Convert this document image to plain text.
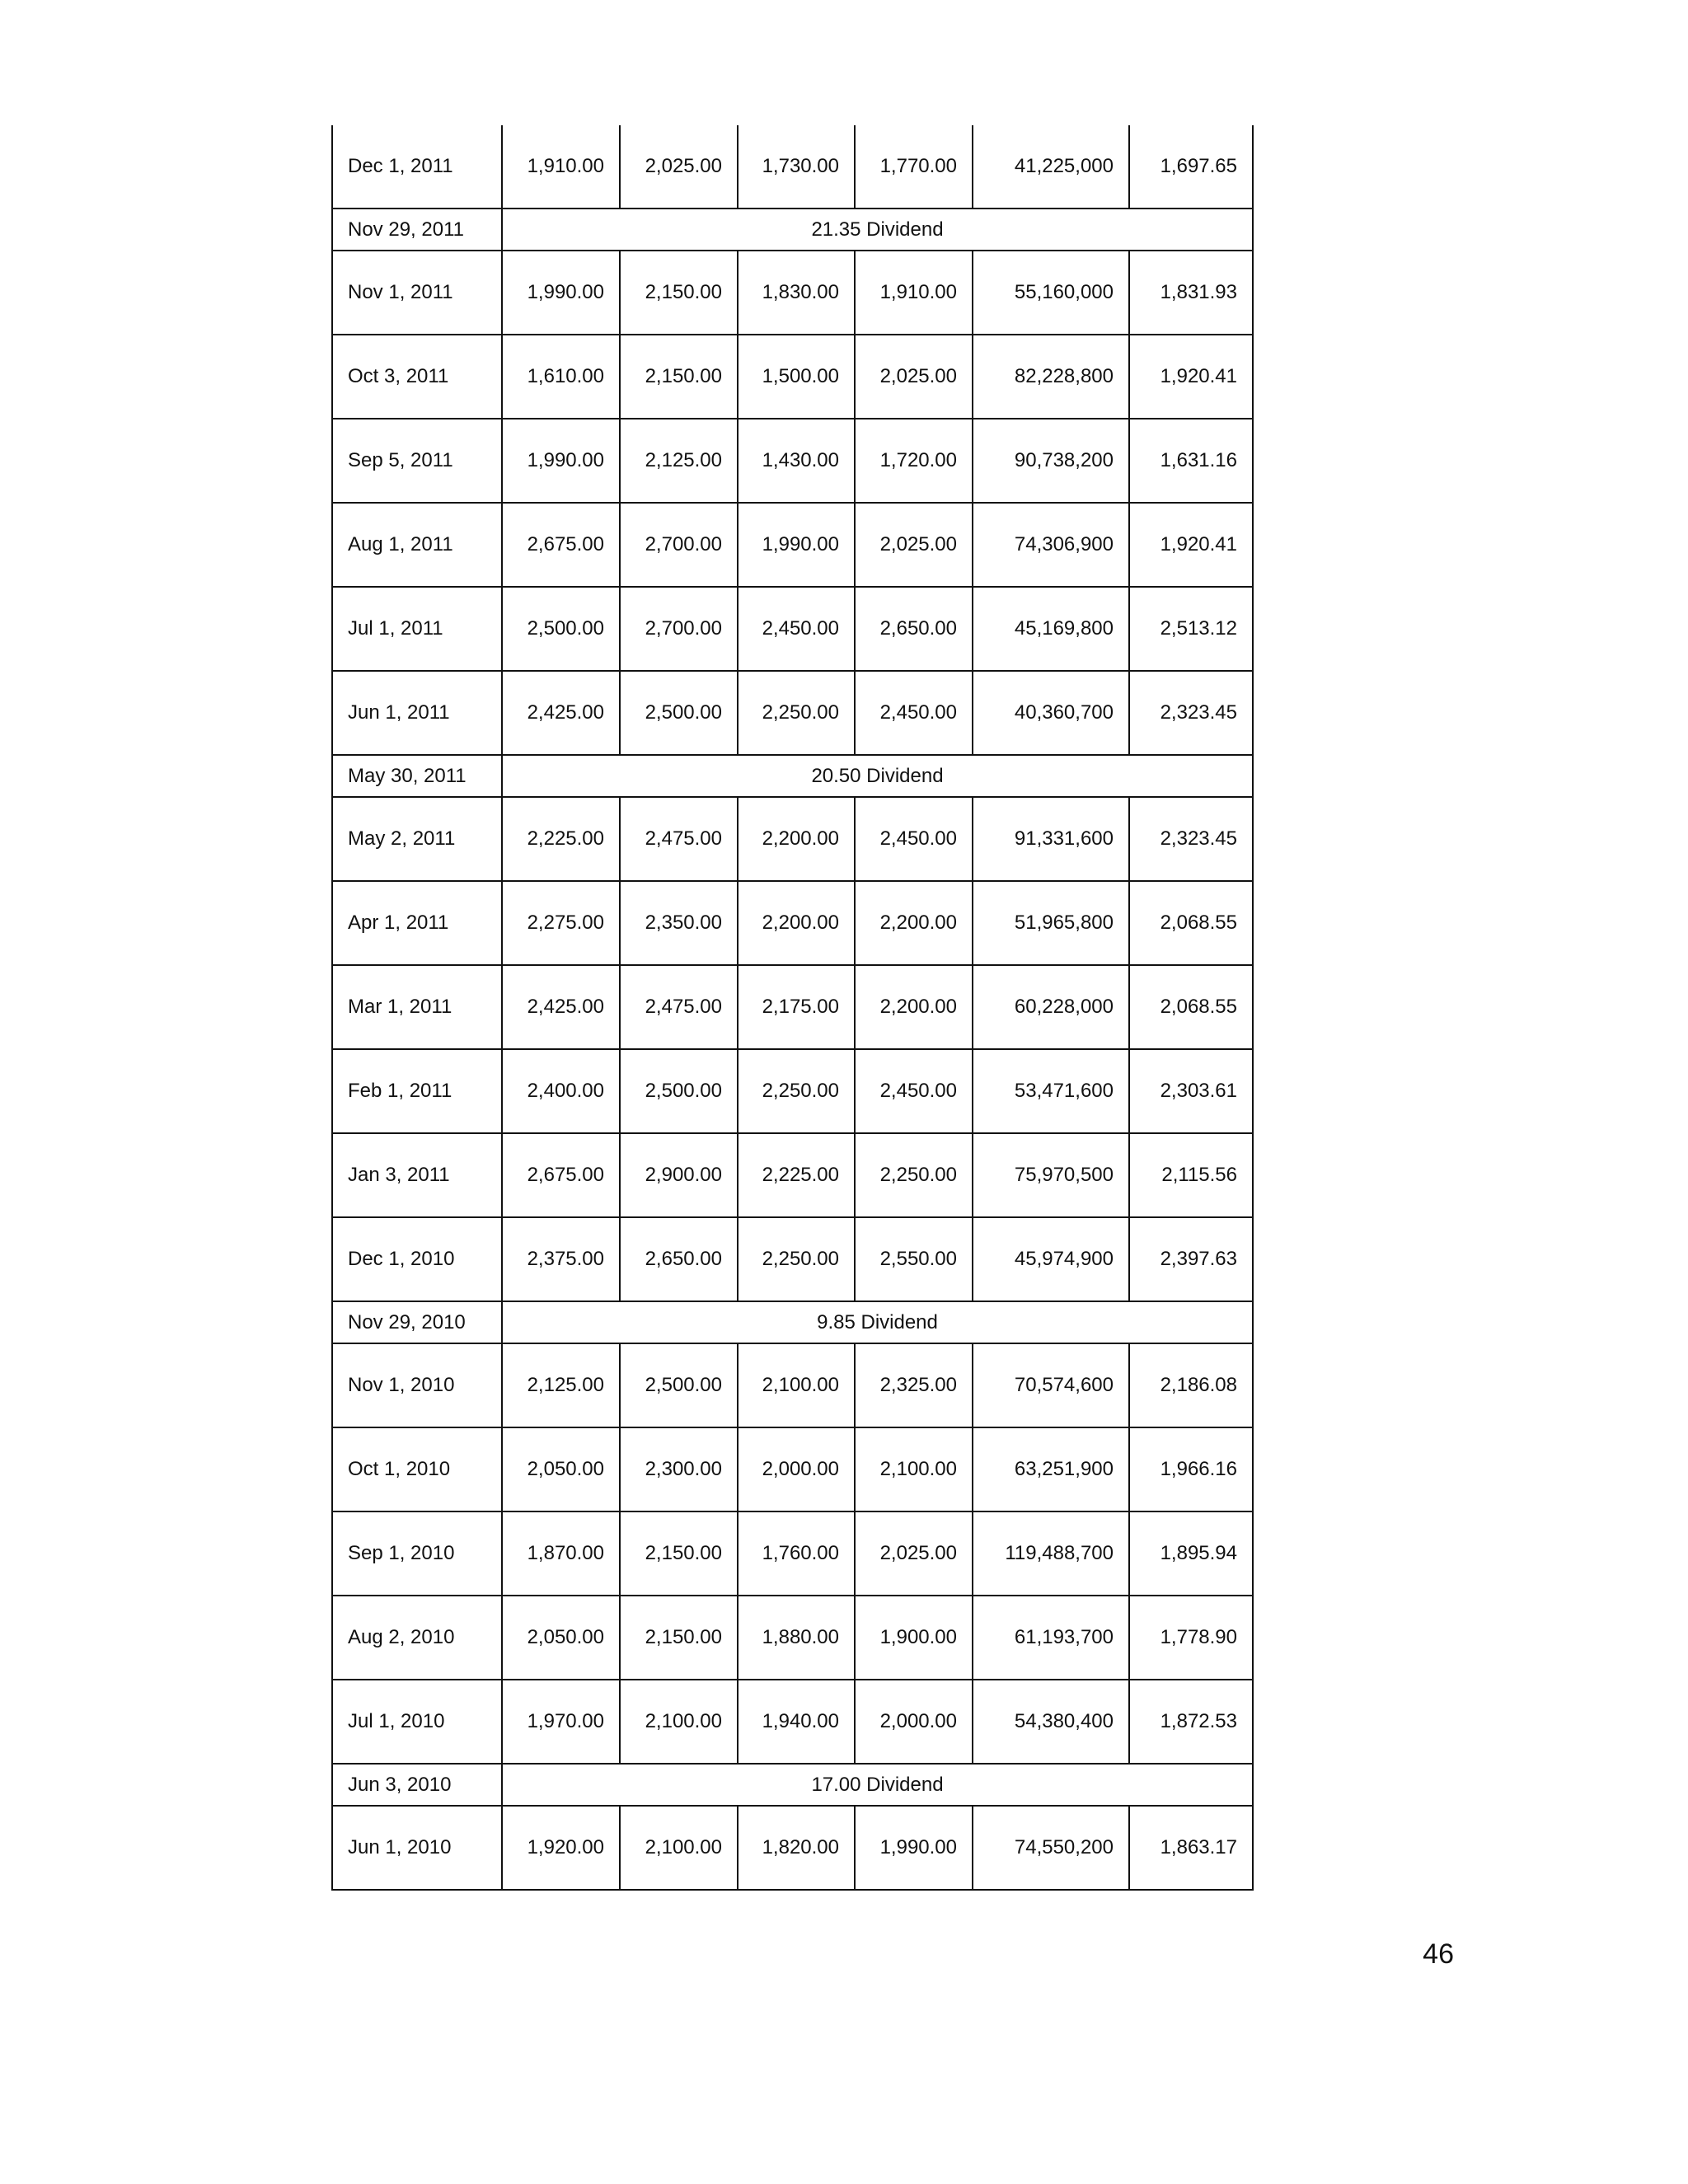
Dec 1, 2011	1,910.00	2,025.00	1,730.00	1,770.00	41,225,000	1,697.65
Nov 29, 2011	21.35 Dividend					
Nov 1, 2011	1,990.00	2,150.00	1,830.00	1,910.00	55,160,000	1,831.93
Oct 3, 2011	1,610.00	2,150.00	1,500.00	2,025.00	82,228,800	1,920.41
Sep 5, 2011	1,990.00	2,125.00	1,430.00	1,720.00	90,738,200	1,631.16
Aug 1, 2011	2,675.00	2,700.00	1,990.00	2,025.00	74,306,900	1,920.41
Jul 1, 2011	2,500.00	2,700.00	2,450.00	2,650.00	45,169,800	2,513.12
Jun 1, 2011	2,425.00	2,500.00	2,250.00	2,450.00	40,360,700	2,323.45
May 30, 2011	20.50 Dividend					
May 2, 2011	2,225.00	2,475.00	2,200.00	2,450.00	91,331,600	2,323.45
Apr 1, 2011	2,275.00	2,350.00	2,200.00	2,200.00	51,965,800	2,068.55
Mar 1, 2011	2,425.00	2,475.00	2,175.00	2,200.00	60,228,000	2,068.55
Feb 1, 2011	2,400.00	2,500.00	2,250.00	2,450.00	53,471,600	2,303.61
Jan 3, 2011	2,675.00	2,900.00	2,225.00	2,250.00	75,970,500	2,115.56
Dec 1, 2010	2,375.00	2,650.00	2,250.00	2,550.00	45,974,900	2,397.63
Nov 29, 2010	9.85 Dividend					
Nov 1, 2010	2,125.00	2,500.00	2,100.00	2,325.00	70,574,600	2,186.08
Oct 1, 2010	2,050.00	2,300.00	2,000.00	2,100.00	63,251,900	1,966.16
Sep 1, 2010	1,870.00	2,150.00	1,760.00	2,025.00	119,488,700	1,895.94
Aug 2, 2010	2,050.00	2,150.00	1,880.00	1,900.00	61,193,700	1,778.90
Jul 1, 2010	1,970.00	2,100.00	1,940.00	2,000.00	54,380,400	1,872.53
Jun 3, 2010	17.00 Dividend					
Jun 1, 2010	1,920.00	2,100.00	1,820.00	1,990.00	74,550,200	1,863.17
46
